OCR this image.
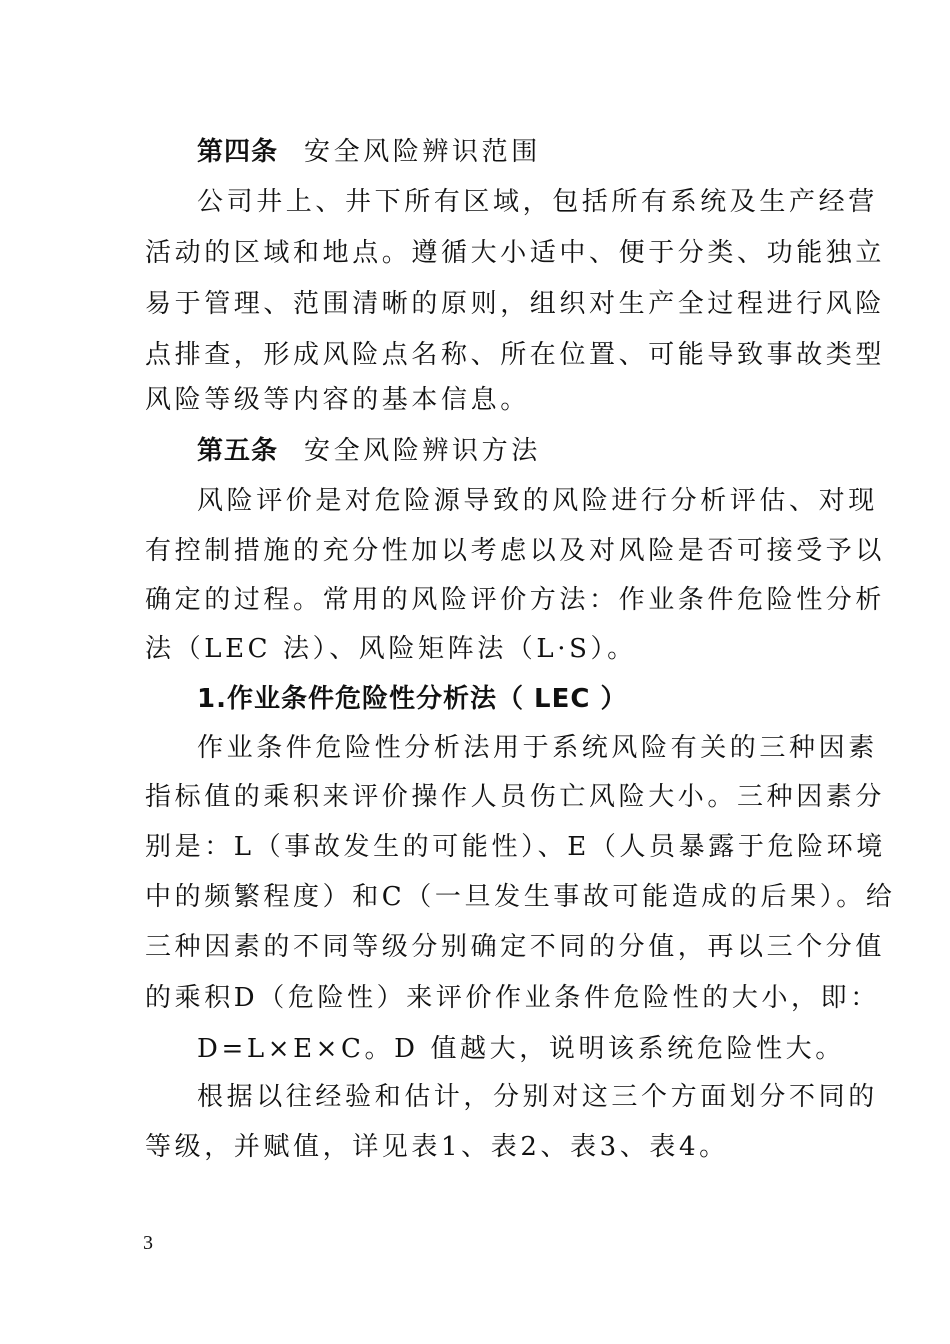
第四条 安全风险辨识范围
公司井上、井下所有区域，包括所有系统及生产经营
活动的区域和地点。遵循大小适中、便于分类、功能独立
易于管理、范围清晰的原则，组织对生产全过程进行风险
点排查，形成风险点名称、所在位置、可能导致事故类型
风险等级等内容的基本信息。
第五条 安全风险辨识方法
风险评价是对危险源导致的风险进行分析评估、对现
有控制措施的充分性加以考虑以及对风险是否可接受予以
确定的过程。常用的风险评价方法：作业条件危险性分析
法（LEC 法）、风险矩阵法（L·S）。
1.作业条件危险性分析法（ LEC ）
作业条件危险性分析法用于系统风险有关的三种因素
指标值的乘积来评价操作人员伤亡风险大小。三种因素分
别是：L（事故发生的可能性）、E（人员暴露于危险环境
中的频繁程度）和C（一旦发生事故可能造成的后果）。给
三种因素的不同等级分别确定不同的分值，再以三个分值
的乘积D（危险性）来评价作业条件危险性的大小，即：
D=L×E×C。D 值越大，说明该系统危险性大。
根据以往经验和估计，分别对这三个方面划分不同的
等级，并赋值，详见表1、表2、表3、表4。
3
